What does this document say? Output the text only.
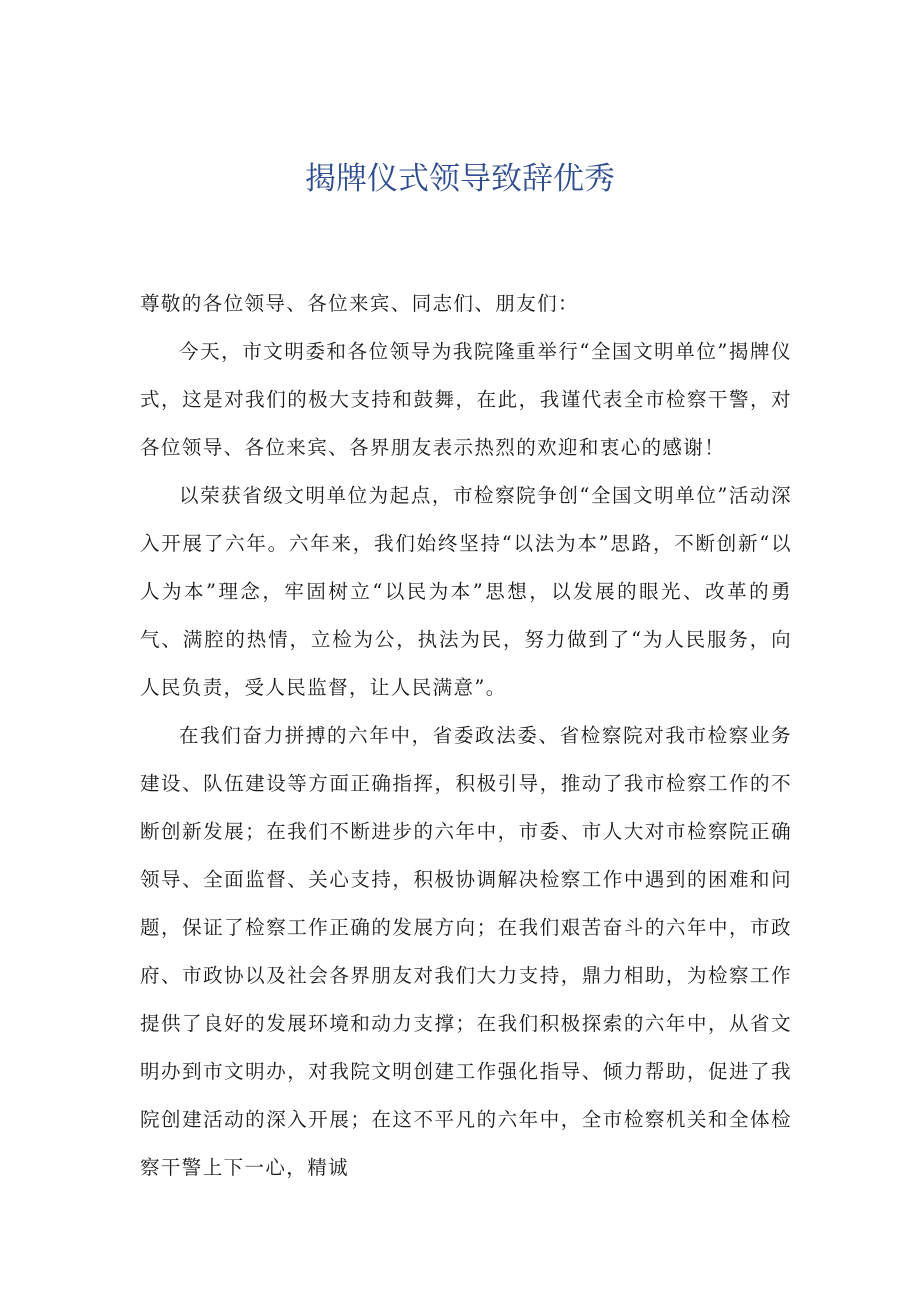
揭牌仪式领导致辞优秀

尊敬的各位领导、各位来宾、同志们、朋友们：

今天，市文明委和各位领导为我院隆重举行“全国文明单位”揭牌仪式，这是对我们的极大支持和鼓舞，在此，我谨代表全市检察干警，对各位领导、各位来宾、各界朋友表示热烈的欢迎和衷心的感谢！

以荣获省级文明单位为起点，市检察院争创“全国文明单位”活动深入开展了六年。六年来，我们始终坚持“以法为本”思路，不断创新“以人为本”理念，牢固树立“以民为本”思想，以发展的眼光、改革的勇气、满腔的热情，立检为公，执法为民，努力做到了“为人民服务，向人民负责，受人民监督，让人民满意”。

在我们奋力拼搏的六年中，省委政法委、省检察院对我市检察业务建设、队伍建设等方面正确指挥，积极引导，推动了我市检察工作的不断创新发展；在我们不断进步的六年中，市委、市人大对市检察院正确领导、全面监督、关心支持，积极协调解决检察工作中遇到的困难和问题，保证了检察工作正确的发展方向；在我们艰苦奋斗的六年中，市政府、市政协以及社会各界朋友对我们大力支持，鼎力相助，为检察工作提供了良好的发展环境和动力支撑；在我们积极探索的六年中，从省文明办到市文明办，对我院文明创建工作强化指导、倾力帮助，促进了我院创建活动的深入开展；在这不平凡的六年中，全市检察机关和全体检察干警上下一心，精诚
